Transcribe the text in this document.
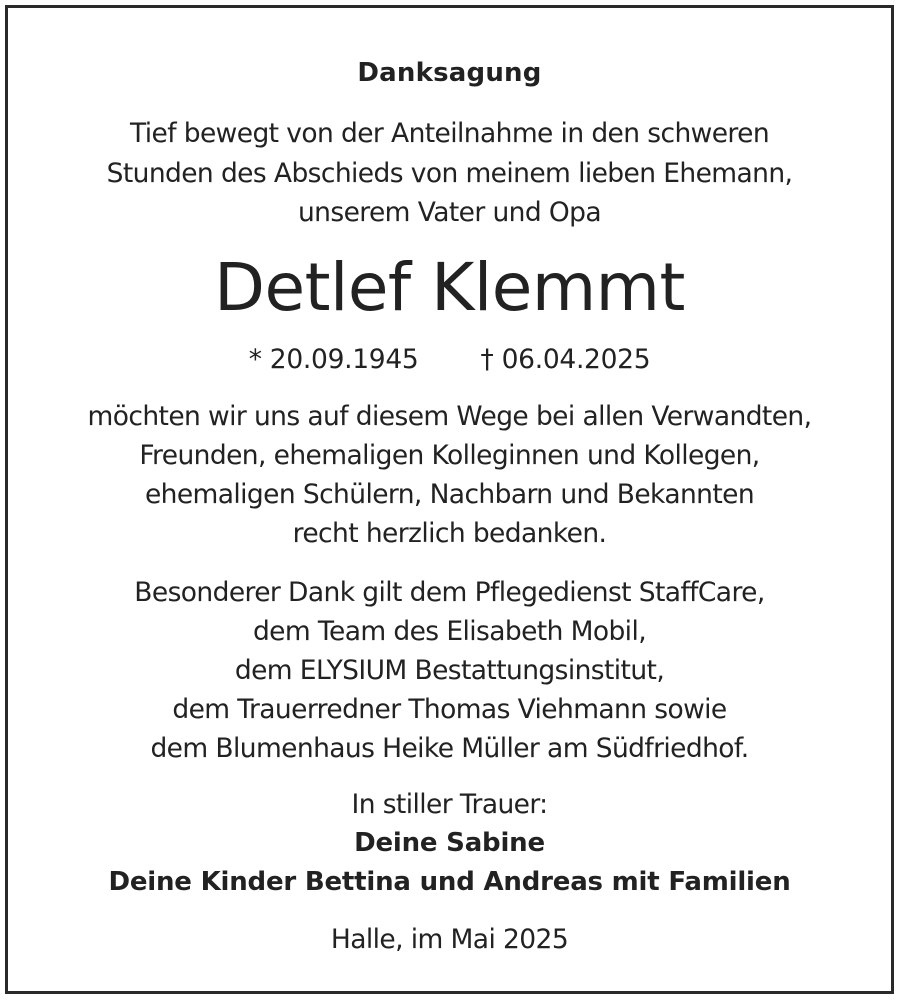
Danksagung
Tief bewegt von der Anteilnahme in den schweren
Stunden des Abschieds von meinem lieben Ehemann,
unserem Vater und Opa
Detlef Klemmt
* 20.09.1945 † 06.04.2025
möchten wir uns auf diesem Wege bei allen Verwandten,
Freunden, ehemaligen Kolleginnen und Kollegen,
ehemaligen Schülern, Nachbarn und Bekannten
recht herzlich bedanken.
Besonderer Dank gilt dem Pflegedienst StaffCare,
dem Team des Elisabeth Mobil,
dem ELYSIUM Bestattungsinstitut,
dem Trauerredner Thomas Viehmann sowie
dem Blumenhaus Heike Müller am Südfriedhof.
In stiller Trauer:
Deine Sabine
Deine Kinder Bettina und Andreas mit Familien
Halle, im Mai 2025
